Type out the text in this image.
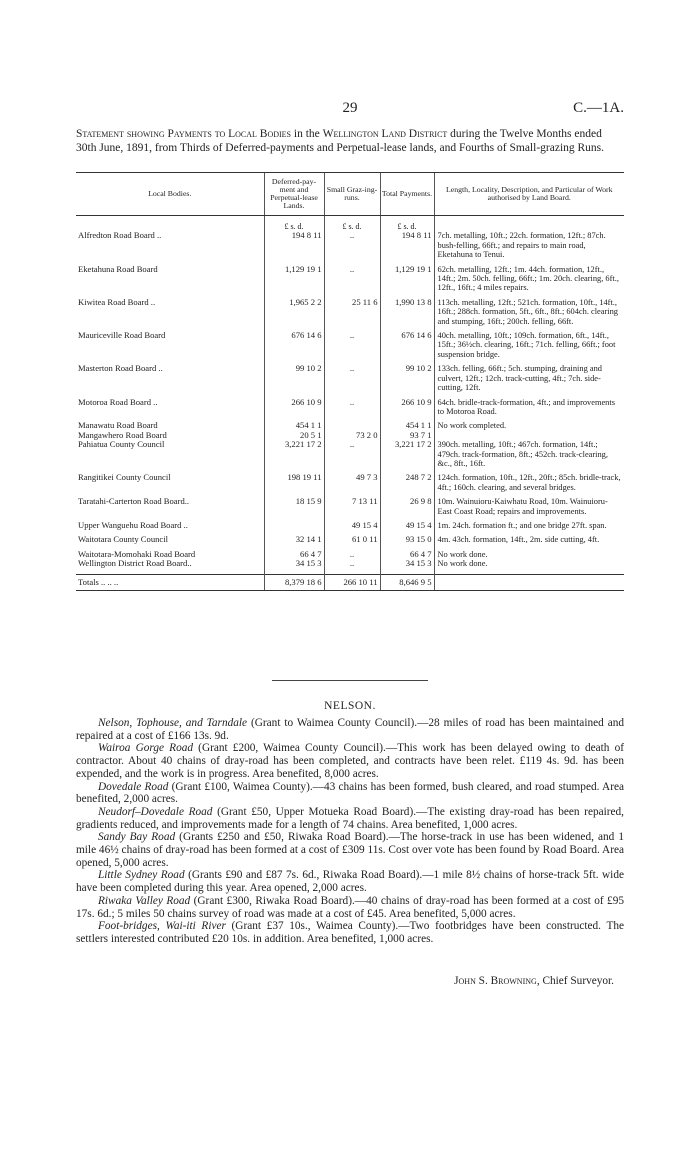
29	C.—1A.
Statement showing Payments to Local Bodies in the Wellington Land District during the Twelve Months ended 30th June, 1891, from Thirds of Deferred-payments and Perpetual-lease lands, and Fourths of Small-grazing Runs.
Local Bodies.	Deferred-pay-ment and Perpetual-lease Lands.	Small Graz-ing-runs.	Total Payments.	Length, Locality, Description, and Particular of Work authorised by Land Board.
	£ s. d.	£ s. d.	£ s. d.	
Alfredton Road Board ..	194 8 11	..	194 8 11	7ch. metalling, 10ft.; 22ch. formation, 12ft.; 87ch. bush-felling, 66ft.; and repairs to main road, Eketahuna to Tenui.
Eketahuna Road Board	1,129 19 1	..	1,129 19 1	62ch. metalling, 12ft.; 1m. 44ch. formation, 12ft., 14ft.; 2m. 50ch. felling, 66ft.; 1m. 20ch. clearing, 6ft., 12ft., 16ft.; 4 miles repairs.
Kiwitea Road Board ..	1,965 2 2	25 11 6	1,990 13 8	113ch. metalling, 12ft.; 521ch. formation, 10ft., 14ft., 16ft.; 288ch. formation, 5ft., 6ft., 8ft.; 604ch. clearing and stumping, 16ft.; 200ch. felling, 66ft.
Mauriceville Road Board	676 14 6	..	676 14 6	40ch. metalling, 10ft.; 109ch. formation, 6ft., 14ft., 15ft.; 36½ch. clearing, 16ft.; 71ch. felling, 66ft.; foot suspension bridge.
Masterton Road Board ..	99 10 2	..	99 10 2	133ch. felling, 66ft.; 5ch. stumping, draining and culvert, 12ft.; 12ch. track-cutting, 4ft.; 7ch. side-cutting, 12ft.
Motoroa Road Board ..	266 10 9	..	266 10 9	64ch. bridle-track-formation, 4ft.; and improvements to Motoroa Road.
Manawatu Road Board	454 1 1		454 1 1	No work completed.
Mangawhero Road Board	20 5 1	73 2 0	93 7 1	
Pahiatua County Council	3,221 17 2	..	3,221 17 2	390ch. metalling, 10ft.; 467ch. formation, 14ft.; 479ch. track-formation, 8ft.; 452ch. track-clearing, &c., 8ft., 16ft.
Rangitikei County Council	198 19 11	49 7 3	248 7 2	124ch. formation, 10ft., 12ft., 20ft.; 85ch. bridle-track, 4ft.; 160ch. clearing, and several bridges.
Taratahi-Carterton Road Board..	18 15 9	7 13 11	26 9 8	10m. Wainuioru-Kaiwhatu Road, 10m. Wainuioru-East Coast Road; repairs and improvements.
Upper Wanguehu Road Board ..		49 15 4	49 15 4	1m. 24ch. formation ft.; and one bridge 27ft. span.
Waitotara County Council	32 14 1	61 0 11	93 15 0	4m. 43ch. formation, 14ft., 2m. side cutting, 4ft.
Waitotara-Momohaki Road Board	66 4 7	..	66 4 7	No work done.
Wellington District Road Board..	34 15 3	..	34 15 3	No work done.
Totals .. .. ..	8,379 18 6	266 10 11	8,646 9 5	
NELSON.

Nelson, Tophouse, and Tarndale (Grant to Waimea County Council).—28 miles of road has been maintained and repaired at a cost of £166 13s. 9d.

Wairoa Gorge Road (Grant £200, Waimea County Council).—This work has been delayed owing to death of contractor. About 40 chains of dray-road has been completed, and contracts have been relet. £119 4s. 9d. has been expended, and the work is in progress. Area benefited, 8,000 acres.

Dovedale Road (Grant £100, Waimea County).—43 chains has been formed, bush cleared, and road stumped. Area benefited, 2,000 acres.

Neudorf–Dovedale Road (Grant £50, Upper Motueka Road Board).—The existing dray-road has been repaired, gradients reduced, and improvements made for a length of 74 chains. Area benefited, 1,000 acres.

Sandy Bay Road (Grants £250 and £50, Riwaka Road Board).—The horse-track in use has been widened, and 1 mile 46½ chains of dray-road has been formed at a cost of £309 11s. Cost over vote has been found by Road Board. Area opened, 5,000 acres.

Little Sydney Road (Grants £90 and £87 7s. 6d., Riwaka Road Board).—1 mile 8½ chains of horse-track 5ft. wide have been completed during this year. Area opened, 2,000 acres.

Riwaka Valley Road (Grant £300, Riwaka Road Board).—40 chains of dray-road has been formed at a cost of £95 17s. 6d.; 5 miles 50 chains survey of road was made at a cost of £45. Area benefited, 5,000 acres.

Foot-bridges, Wai-iti River (Grant £37 10s., Waimea County).—Two footbridges have been constructed. The settlers interested contributed £20 10s. in addition. Area benefited, 1,000 acres.

John S. Browning, Chief Surveyor.
